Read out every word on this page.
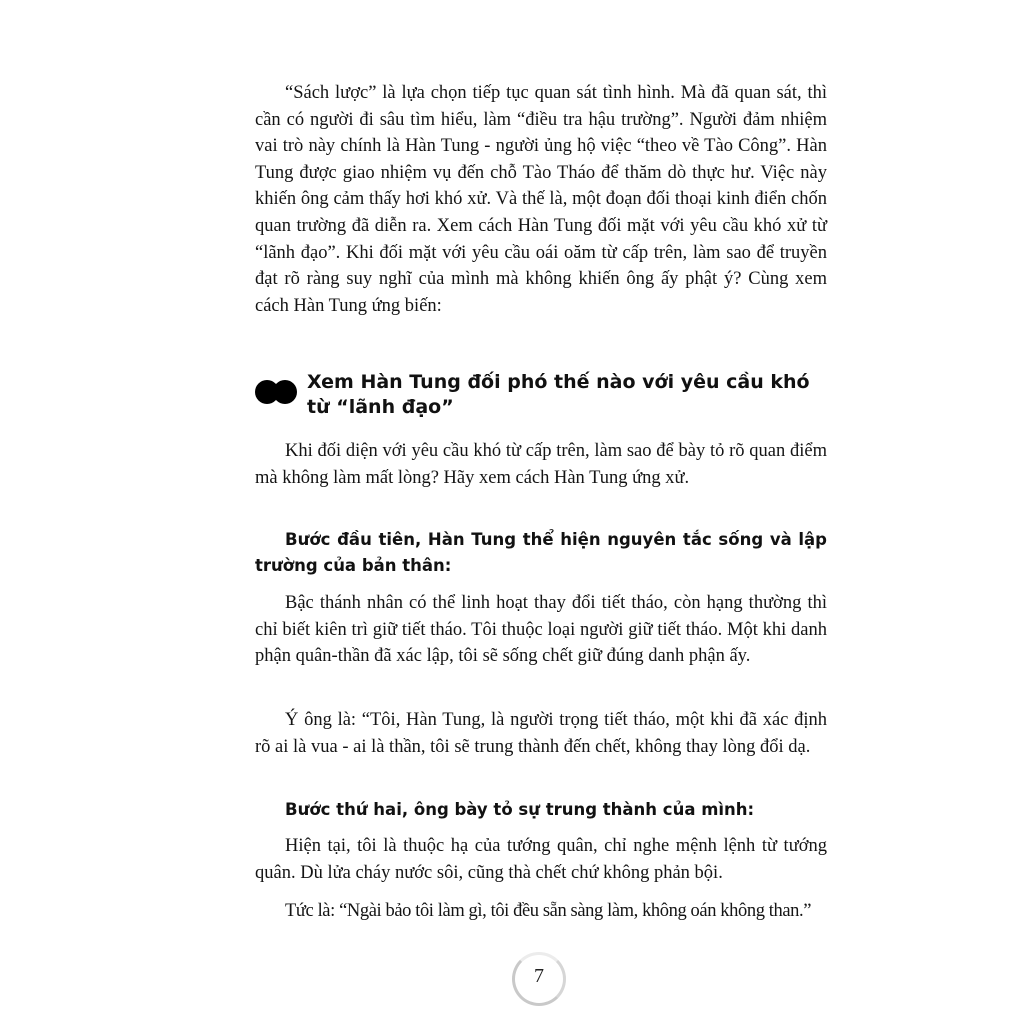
“Sách lược” là lựa chọn tiếp tục quan sát tình hình. Mà đã quan sát, thì cần có người đi sâu tìm hiểu, làm “điều tra hậu trường”. Người đảm nhiệm vai trò này chính là Hàn Tung - người ủng hộ việc “theo về Tào Công”. Hàn Tung được giao nhiệm vụ đến chỗ Tào Tháo để thăm dò thực hư. Việc này khiến ông cảm thấy hơi khó xử. Và thế là, một đoạn đối thoại kinh điển chốn quan trường đã diễn ra. Xem cách Hàn Tung đối mặt với yêu cầu khó xử từ “lãnh đạo”. Khi đối mặt với yêu cầu oái oăm từ cấp trên, làm sao để truyền đạt rõ ràng suy nghĩ của mình mà không khiến ông ấy phật ý? Cùng xem cách Hàn Tung ứng biến:

Xem Hàn Tung đối phó thế nào với yêu cầu khó từ “lãnh đạo”

Khi đối diện với yêu cầu khó từ cấp trên, làm sao để bày tỏ rõ quan điểm mà không làm mất lòng? Hãy xem cách Hàn Tung ứng xử.

Bước đầu tiên, Hàn Tung thể hiện nguyên tắc sống và lập trường của bản thân:

Bậc thánh nhân có thể linh hoạt thay đổi tiết tháo, còn hạng thường thì chỉ biết kiên trì giữ tiết tháo. Tôi thuộc loại người giữ tiết tháo. Một khi danh phận quân-thần đã xác lập, tôi sẽ sống chết giữ đúng danh phận ấy.

Ý ông là: “Tôi, Hàn Tung, là người trọng tiết tháo, một khi đã xác định rõ ai là vua - ai là thần, tôi sẽ trung thành đến chết, không thay lòng đổi dạ.

Bước thứ hai, ông bày tỏ sự trung thành của mình:

Hiện tại, tôi là thuộc hạ của tướng quân, chỉ nghe mệnh lệnh từ tướng quân. Dù lửa cháy nước sôi, cũng thà chết chứ không phản bội.

Tức là: “Ngài bảo tôi làm gì, tôi đều sẵn sàng làm, không oán không than.”

7
